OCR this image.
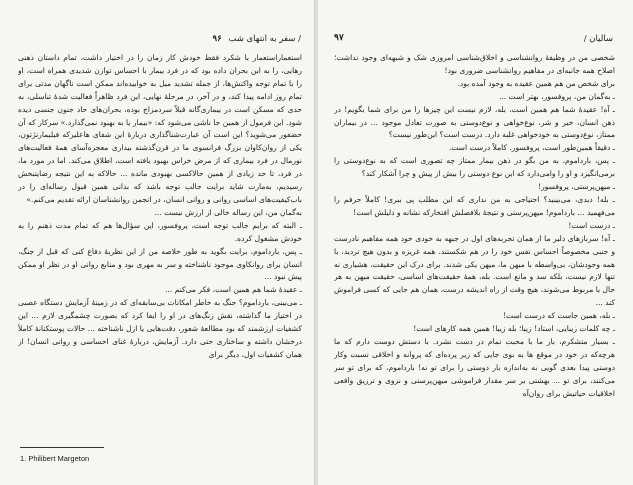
/ سفر به انتهای شب ٩۶

استعماراستعمار با شکرد فقط خودش کار زمان را در اختیار داشت، تمام داستان ذهنی رهایی، را به این بحران داده بود که در فرد بیمار با احساس توازن شدیدی همراه است، او را با تمام توجه واکنش‌ها، از جمله تشدید میل به خوابیده‌اند ممکن است ناگهان مدتی برای تمام روز ادامه پیدا کند، و در آخر، در مرحلهٔ نهایی، این فرد ظاهراً فعالیت شدهٔ تناسلی، به حدی که مسکن است در بیماری‌گانه قبلاً سردمزاج بوده، بحران‌های حاد جنون جنسی دیده شود. این فرمول از همین جا ناشی می‌شود که: «بیمار یا به بهبود نمی‌گذارد.» سرکار که آن حضفور می‌شوید؟ این است آن عبارت‌شناگذاری دربارهٔ این شفای هاعلیرکه فیلیمارنژتون، یکی از روان‌کاوان بزرگ فرانسوی ما در قرن‌گذشته بیداری معجزه‌آسای همهٔ فعالیت‌های نورمال در فرد بیماری که از مرض خراس بهبود یافته است، اطلاق می‌کند. اما در مورد ما، در فرد، تا حد زیادی از همین حالاکسی بهبودی مانده ... حالاکه به این نتیجه رضایتبخش رسیدیم، به‌مارت شاید برایت جالب توجه باشد که بدانی همین قبول رساله‌ای را در باب‌کیفیت‌های اساسی روانی و روانی انسان، در انجمن روانشناسان ارائه تقدیم می‌کنم.»

به‌گمان من، این رساله خالی از ارزش نیست ...

ـ البته که برایم جالب توجه است، پروفسور، این سؤال‌ها هم که تمام مدت ذهنم را به خودش مشغول کرده.

ـ پس، بارداموم، برایت بگوید به طور خلاصه من از این نظریهٔ دفاع کنی که قبل از جنگ، انسان برای روانکاوی موجود ناشناخته و سر به مهری بود و منابع روانی او در نظر او ممکن پیش نبود ...

ـ عقیدهٔ شما هم همین است، فکر می‌کنم ...

ـ می‌بینی، بارداموم؟ جنگ به خاطر امکانات بی‌سابقه‌ای که در زمینهٔ آزمایش دستگاه عصبی در اختیار ما گذاشته، نقش زنگ‌های در او را ایفا کرد که بصورت چشمگیری لازم ... این کشفیات ارزشمند که بود مطالعهٔ شعور، دقت‌هایی یا ازل ناشناخته ... حالات پوستکنانهٔ کاملاً درخشان داشته و ساختاری حتی دارد. آزمایش، دربارهٔ غنای احساسی و روانی انسان! از همان کشفیات اول، دیگر برای

1. Philibert Margeton
سالیان /
٩٧

شخصی من در وظیفهٔ روانشناسی و اخلاق‌شناسی امروزی شک و شبهه‌ای وجود نداشت؛ اصلاح همه جانبه‌ای در مفاهیم روانشناسی ضروری بود!

برای شخص من هم همین عقیده به وجود آمده بود.

ـ به‌گمان من، پروفسور، بهتر است ...

ـ آه! عقیدهٔ شما هم همین است، بله، لازم نیست این چیزها را من برای شما بگویم! در ذهن انسان، خیر و شر، نوع‌خواهی و نوع‌دوستی به صورت تعادل موجود ... در بیماران ممتاز، نوع‌دوستی به خودخواهی غلبه دارد. درست است؟ این‌طور نیست؟

ـ دقیقاً همین‌طور است، پروفسور. کاملاً درست است.

ـ پس، بارداموم، به من بگو در ذهن بیمار ممتاز چه تصوری است که به نوع‌دوستی را برمی‌انگیزد و او را وامی‌دارد که این نوع دوستی را بیش از پیش و چرا آشکار کند؟

ـ میهن‌پرستی، پروفسور!

ـ بله! دیدی، می‌بینید؟ احتیاجی به من نداری که این مطلب پی ببری! کاملاً حرفم را می‌فهمید ... بارداموم! میهن‌پرستی و نتیجهٔ بلافصلش افتخارکه نشانه و دلیلش است!

ـ درست است!

ـ آه! سربازهای دلیر ما از همان تجربه‌های اول در جبهه به خودی خود همه مفاهیم نادرست و جنبی مخصوصاً احساس نفس خود را در هم شکستند. همه غریزه و بدون هیچ تردید، با همه وجودشان، بی‌واسطه با میهن ما، میهن یکی شدند. برای درک این حقیقت، هشیاری نه تنها لازم نیست، بلکه سد و مانع است. بله، همهٔ حقیقت‌های اساسی، حقیقت میهن به هر حال با مربوط می‌شوند، هیچ وقت از راه اندیشه درست، همان هم جایی که کسی فراموش کند ...

ـ بله، همین جاست که درست است!

ـ چه کلمات زیبایی، استاد! زیبا؛ بله زیبا! همین همه کارهای است!

ـ بسیار متشکرم، بار ما با محبت تمام در دست نشرد. با دستش دوست دارم که ما هرچه‌که در خود در موقع ها به بوی جایی که زیر پرده‌ای که پروانه و اخلاقی نسبت وکار دوستی پیدا بعدی گویی به به‌اندازه بار دوستی را برای تو نه! بارداموم، که برای تو سر می‌کنند، برای تو ... بهشتی بر سر مقدار فراموشی میهن‌پرستی و نزوی و ترزیق واقعی اخلاقیات حیاتیش برای روان‌آه
